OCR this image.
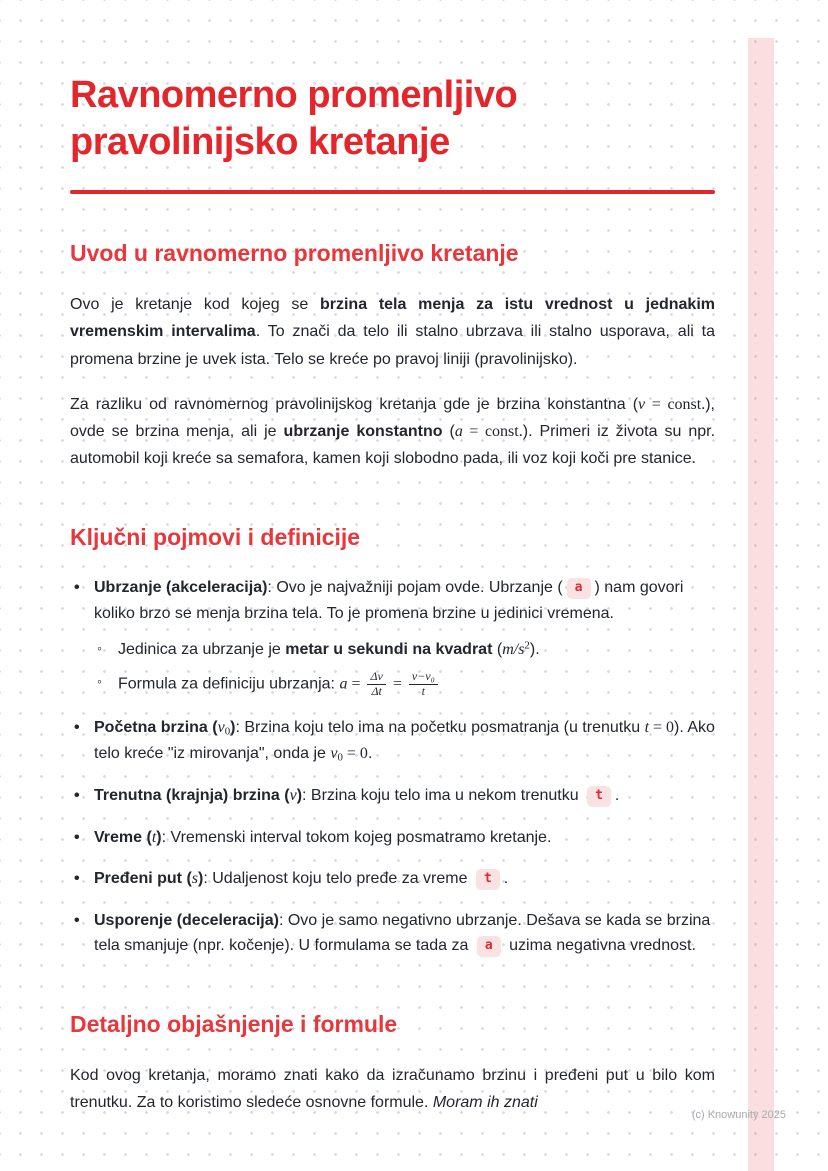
Ravnomerno promenljivo pravolinijsko kretanje
Uvod u ravnomerno promenljivo kretanje

Ovo je kretanje kod kojeg se brzina tela menja za istu vrednost u jednakim vremenskim intervalima. To znači da telo ili stalno ubrzava ili stalno usporava, ali ta promena brzine je uvek ista. Telo se kreće po pravoj liniji (pravolinijsko).

Za razliku od ravnomernog pravolinijskog kretanja gde je brzina konstantna (v = const.), ovde se brzina menja, ali je ubrzanje konstantno (a = const.). Primeri iz života su npr. automobil koji kreće sa semafora, kamen koji slobodno pada, ili voz koji koči pre stanice.

Ključni pojmovi i definicije
• Ubrzanje (akceleracija): Ovo je najvažniji pojam ovde. Ubrzanje ( a ) nam govori koliko brzo se menja brzina tela. To je promena brzine u jedinici vremena.
◦ Jedinica za ubrzanje je metar u sekundi na kvadrat $(m/s^2)$.
◦ Formula za definiciju ubrzanja: $a = \frac{\Delta v}{\Delta t} = \frac{\text{v−v₀}}{t}$
• Početna brzina (v0): Brzina koju telo ima na početku posmatranja (u trenutku t = 0). Ako telo kreće "iz mirovanja", onda je v0 = 0.
• Trenutna (krajnja) brzina (v): Brzina koju telo ima u nekom trenutku t .
• Vreme (t): Vremenski interval tokom kojeg posmatramo kretanje.
• Pređeni put (s): Udaljenost koju telo pređe za vreme t .
• Usporenje (deceleracija): Ovo je samo negativno ubrzanje. Dešava se kada se brzina tela smanjuje (npr. kočenje). U formulama se tada za a uzima negativna vrednost.
Detaljno objašnjenje i formule

Kod ovog kretanja, moramo znati kako da izračunamo brzinu i pređeni put u bilo kom trenutku. Za to koristimo sledeće osnovne formule. Moram ih znati

(c) Knowunity 2025
